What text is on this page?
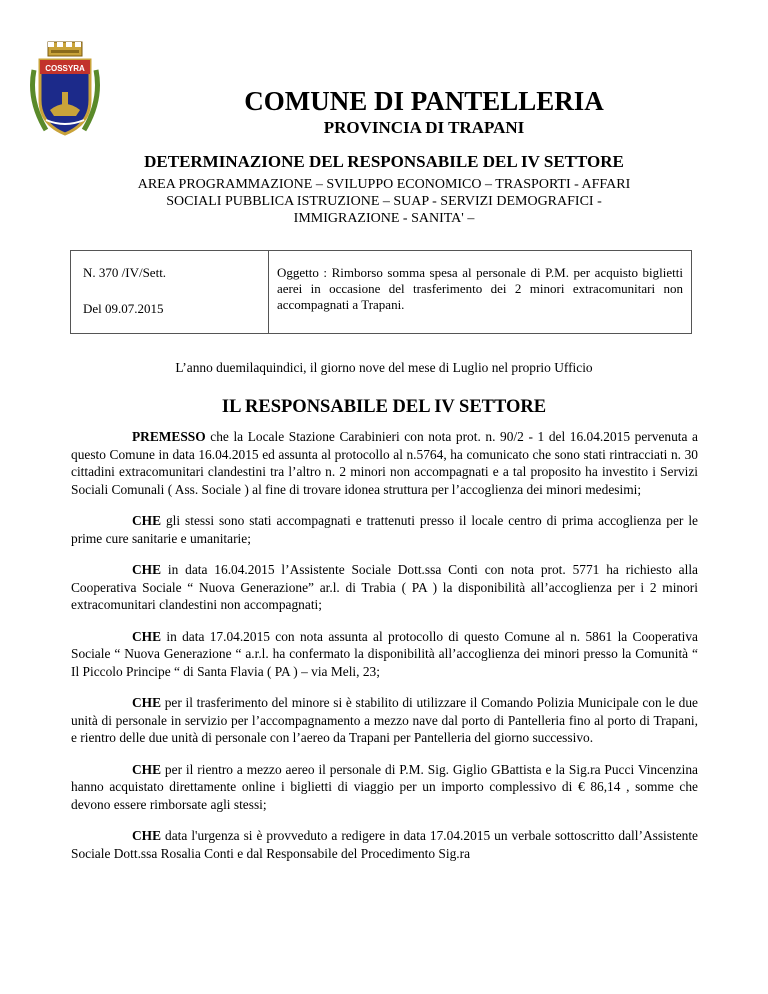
COSSYRA
COMUNE DI PANTELLERIA
PROVINCIA DI TRAPANI
DETERMINAZIONE DEL RESPONSABILE DEL IV SETTORE
AREA PROGRAMMAZIONE – SVILUPPO ECONOMICO – TRASPORTI - AFFARI
SOCIALI PUBBLICA ISTRUZIONE – SUAP - SERVIZI DEMOGRAFICI -
IMMIGRAZIONE - SANITA' –
N. 370 /IV/Sett.
Del 09.07.2015
Oggetto : Rimborso somma spesa al personale di P.M. per acquisto biglietti aerei in occasione del trasferimento dei 2 minori extracomunitari non accompagnati a Trapani.
L’anno duemilaquindici, il giorno nove del mese di Luglio nel proprio Ufficio
IL RESPONSABILE DEL IV SETTORE

PREMESSO che la Locale Stazione Carabinieri con nota prot. n. 90/2 - 1 del 16.04.2015 pervenuta a questo Comune in data 16.04.2015 ed assunta al protocollo al n.5764, ha comunicato che sono stati rintracciati n. 30 cittadini extracomunitari clandestini tra l’altro n. 2 minori non accompagnati e a tal proposito ha investito i Servizi Sociali Comunali ( Ass. Sociale ) al fine di trovare idonea struttura per l’accoglienza dei minori medesimi;

CHE gli stessi sono stati accompagnati e trattenuti presso il locale centro di prima accoglienza per le prime cure sanitarie e umanitarie;

CHE in data 16.04.2015 l’Assistente Sociale Dott.ssa Conti con nota prot. 5771 ha richiesto alla Cooperativa Sociale “ Nuova Generazione” ar.l. di Trabia ( PA ) la disponibilità all’accoglienza per i 2 minori extracomunitari clandestini non accompagnati;

CHE in data 17.04.2015 con nota assunta al protocollo di questo Comune al n. 5861 la Cooperativa Sociale “ Nuova Generazione “ a.r.l. ha confermato la disponibilità all’accoglienza dei minori presso la Comunità “ Il Piccolo Principe “ di Santa Flavia ( PA ) – via Meli, 23;

CHE per il trasferimento del minore si è stabilito di utilizzare il Comando Polizia Municipale con le due unità di personale in servizio per l’accompagnamento a mezzo nave dal porto di Pantelleria fino al porto di Trapani, e rientro delle due unità di personale con l’aereo da Trapani per Pantelleria del giorno successivo.

CHE per il rientro a mezzo aereo il personale di P.M. Sig. Giglio GBattista e la Sig.ra Pucci Vincenzina hanno acquistato direttamente online i biglietti di viaggio per un importo complessivo di € 86,14 , somme che devono essere rimborsate agli stessi;

CHE data l'urgenza si è provveduto a redigere in data 17.04.2015 un verbale sottoscritto dall’Assistente Sociale Dott.ssa Rosalia Conti e dal Responsabile del Procedimento Sig.ra
